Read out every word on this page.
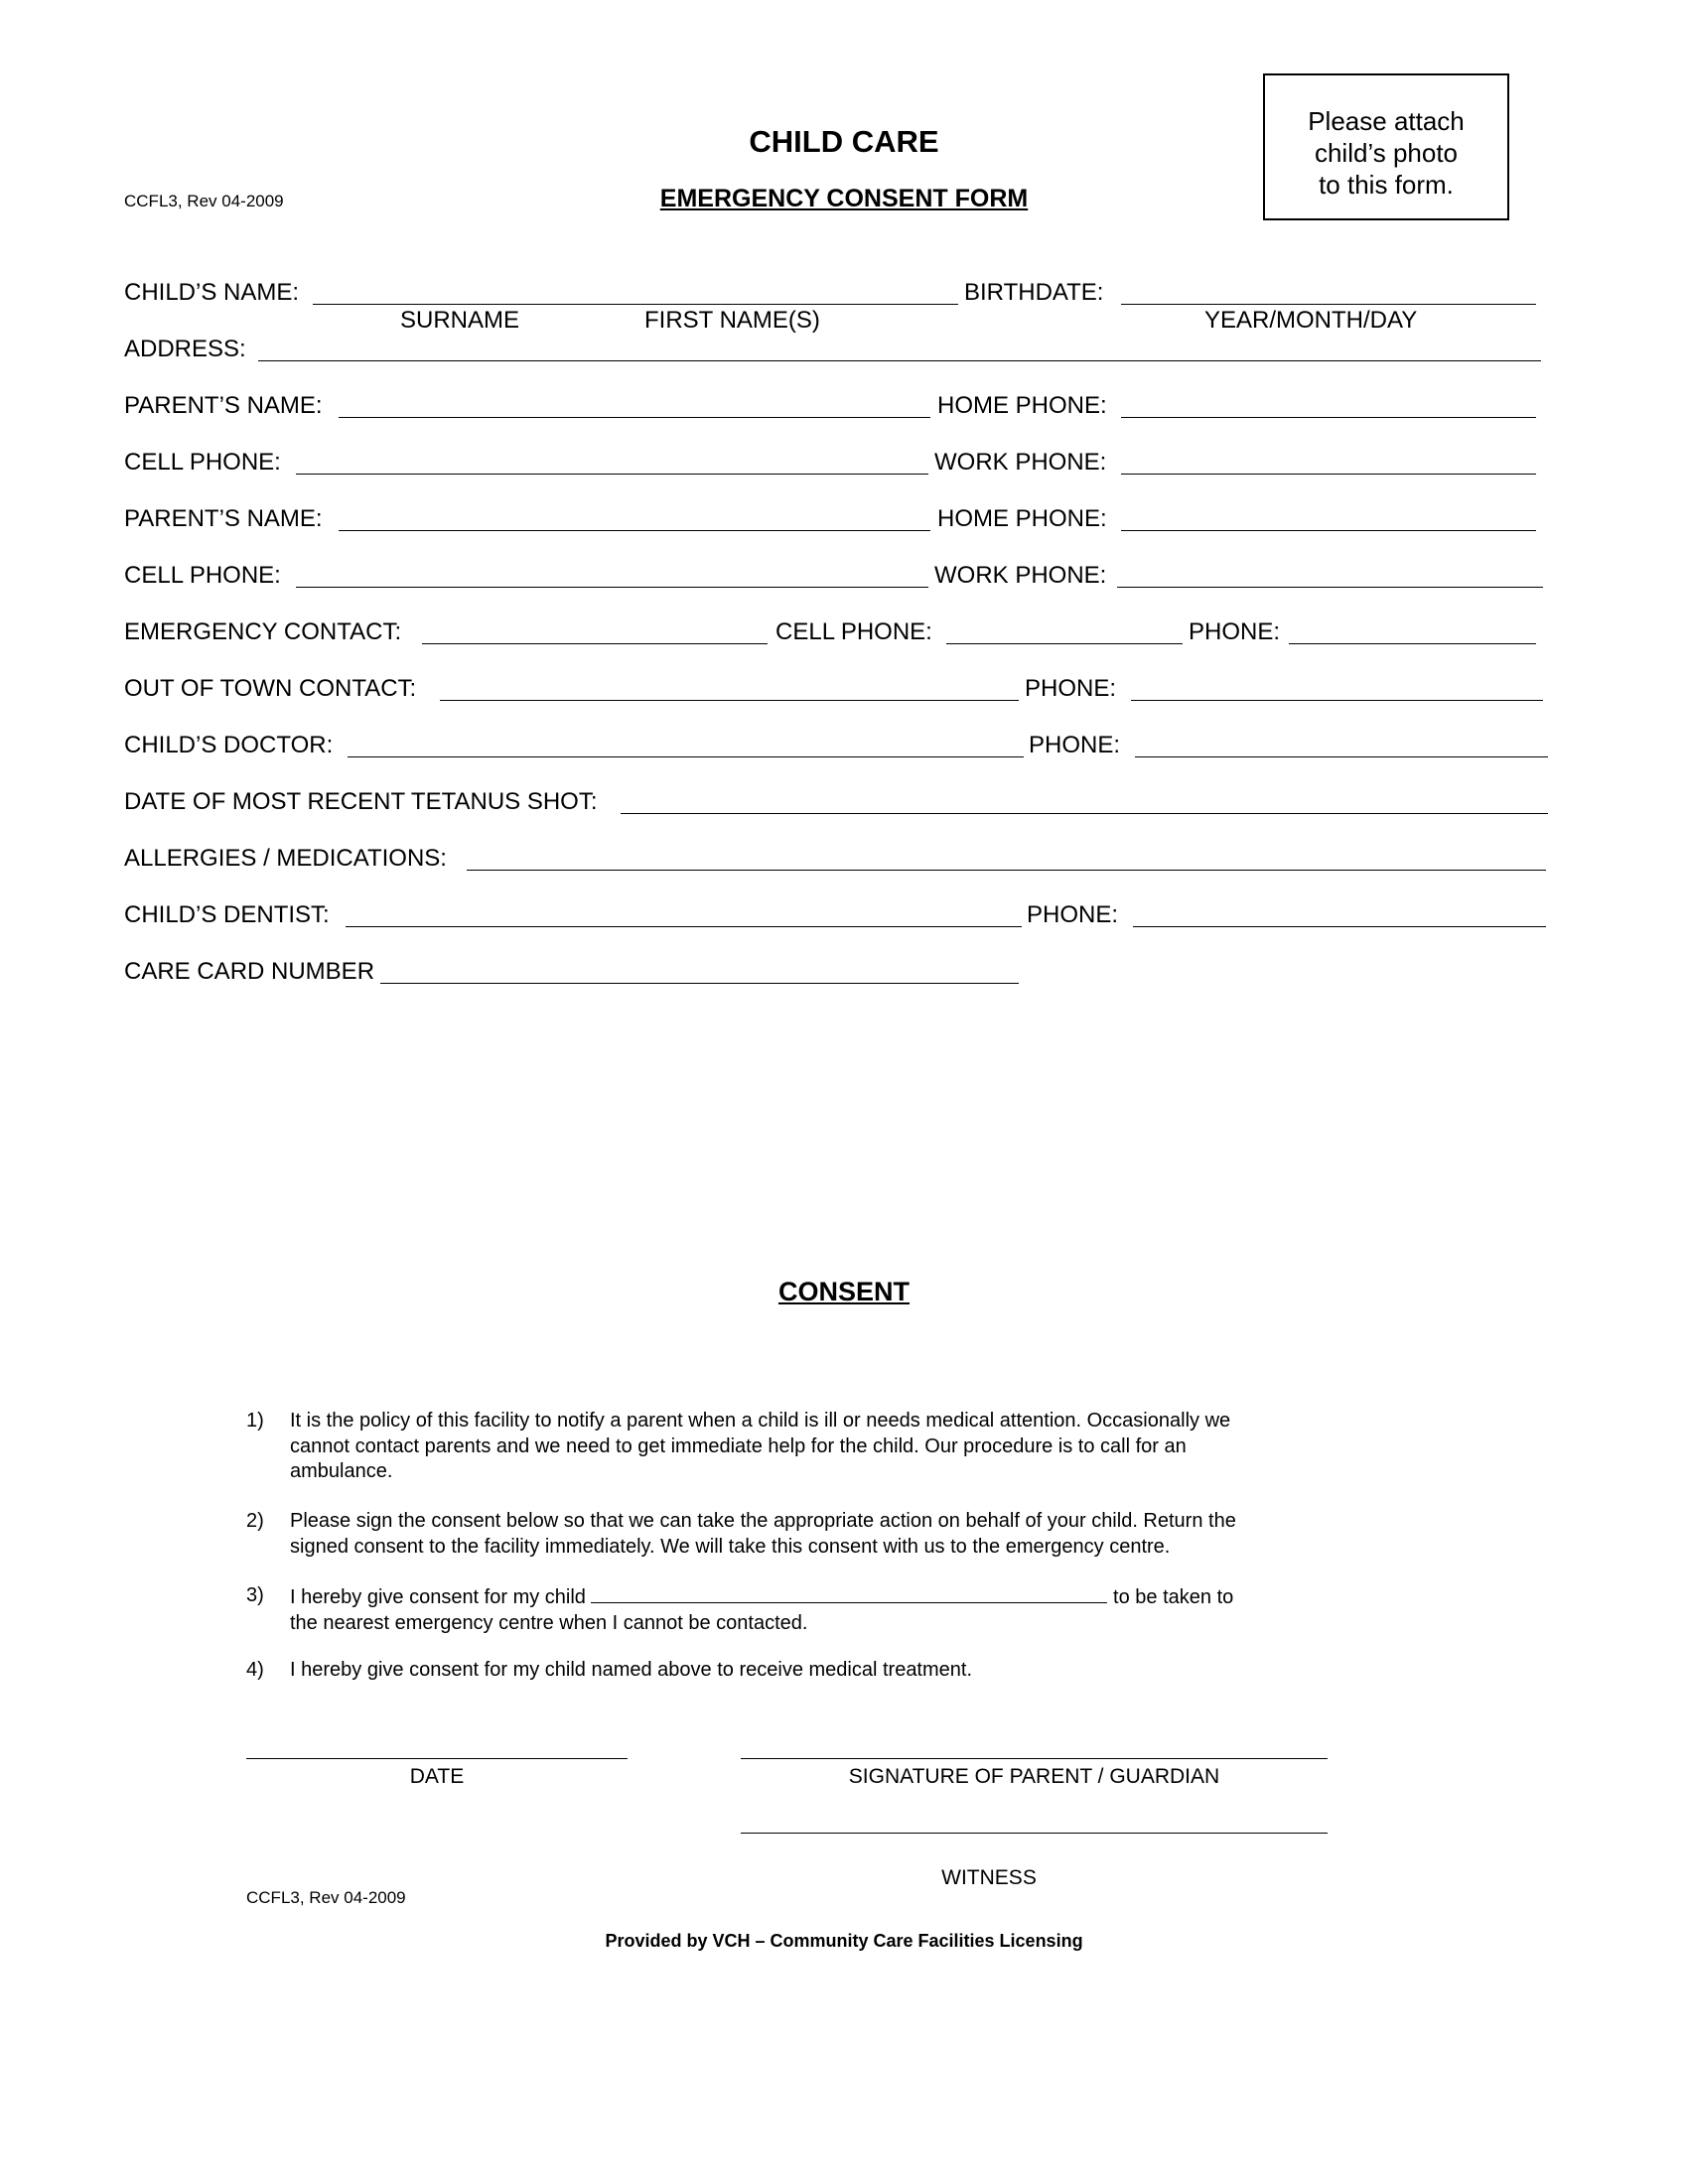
CCFL3, Rev 04-2009
CHILD CARE
EMERGENCY CONSENT FORM
Please attach
child’s photo
to this form.
CHILD’S NAME:	BIRTHDATE:
SURNAME	FIRST NAME(S)	YEAR/MONTH/DAY
ADDRESS:
PARENT’S NAME:	HOME PHONE:
CELL PHONE:	WORK PHONE:
PARENT’S NAME:	HOME PHONE:
CELL PHONE:	WORK PHONE:
EMERGENCY CONTACT:	CELL PHONE:	PHONE:
OUT OF TOWN CONTACT:	PHONE:
CHILD’S DOCTOR:	PHONE:
DATE OF MOST RECENT TETANUS SHOT:
ALLERGIES / MEDICATIONS:
CHILD’S DENTIST:	PHONE:
CARE CARD NUMBER
CONSENT
1) It is the policy of this facility to notify a parent when a child is ill or needs medical attention. Occasionally we
cannot contact parents and we need to get immediate help for the child. Our procedure is to call for an
ambulance.
2) Please sign the consent below so that we can take the appropriate action on behalf of your child. Return the
signed consent to the facility immediately. We will take this consent with us to the emergency centre.
3) I hereby give consent for my child	to be taken to
the nearest emergency centre when I cannot be contacted.
4) I hereby give consent for my child named above to receive medical treatment.
DATE	SIGNATURE OF PARENT / GUARDIAN
WITNESS
CCFL3, Rev 04-2009
Provided by VCH – Community Care Facilities Licensing
